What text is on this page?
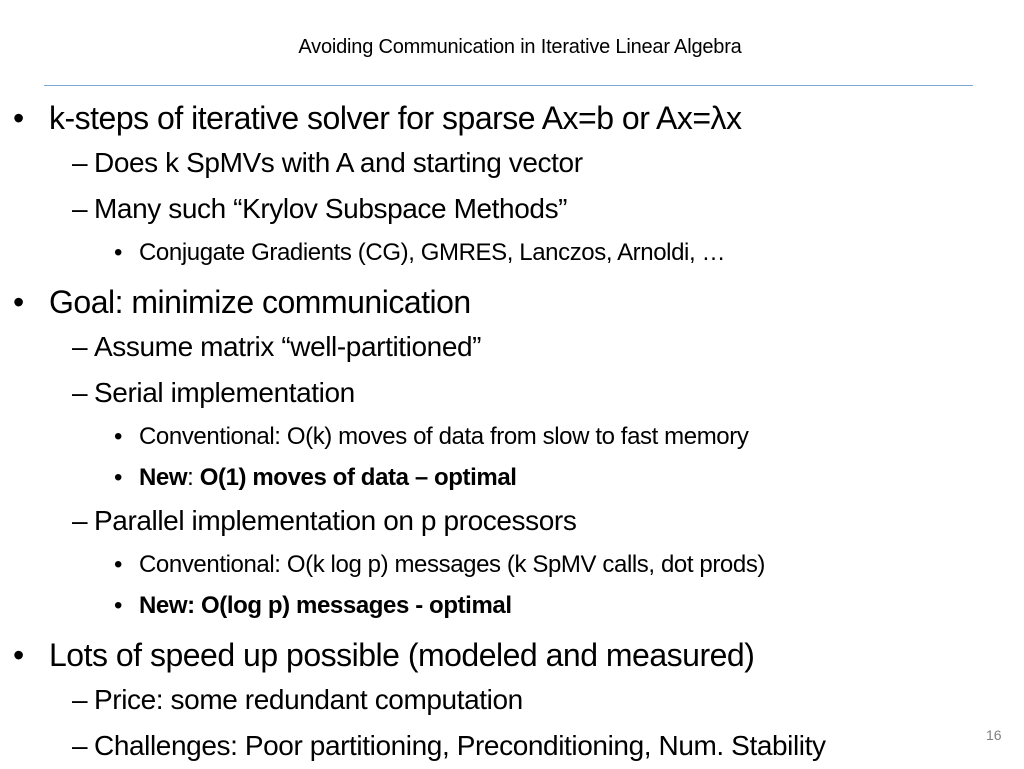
Avoiding Communication in Iterative Linear Algebra
• k-steps of iterative solver for sparse Ax=b or Ax=λx
– Does k SpMVs with A and starting vector
– Many such “Krylov Subspace Methods”
• Conjugate Gradients (CG), GMRES, Lanczos, Arnoldi, …
• Goal: minimize communication
– Assume matrix “well-partitioned”
– Serial implementation
• Conventional: O(k) moves of data from slow to fast memory
• New: O(1) moves of data – optimal
– Parallel implementation on p processors
• Conventional: O(k log p) messages (k SpMV calls, dot prods)
• New: O(log p) messages - optimal
• Lots of speed up possible (modeled and measured)
– Price: some redundant computation
– Challenges: Poor partitioning, Preconditioning, Num. Stability	16
